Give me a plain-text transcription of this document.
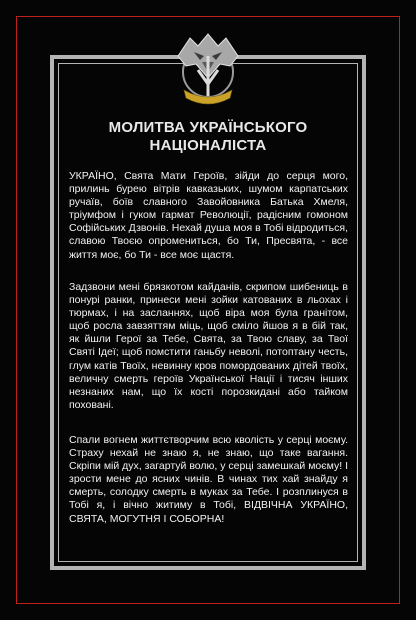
МОЛИТВА УКРАЇНСЬКОГО НАЦІОНАЛІСТА
УКРАЇНО, Свята Мати Героїв, зійди до серця мого, прилинь бурею вітрів кавказьких, шумом карпатських ручаїв, боїв славного Завойовника Батька Хмеля, тріумфом і гуком гармат Революції, радісним гомоном Софійських Дзвонів. Нехай душа моя в Тобі відродиться, славою Твоєю опромениться, бо Ти, Пресвята, - все життя моє, бо Ти - все моє щастя.
Задзвони мені брязкотом кайданів, скрипом шибениць в понурі ранки, принеси мені зойки катованих в льохах і тюрмах, і на засланнях, щоб віра моя була гранітом, щоб росла завзяттям міць, щоб сміло йшов я в бій так, як йшли Герої за Тебе, Свята, за Твою славу, за Твої Святі Ідеї; щоб помстити ганьбу неволі, потоптану честь, глум катів Твоїх, невинну кров помордованих дітей твоїх, величну смерть героїв Української Нації і тисяч інших незнаних нам, що їх кості порозкидані або тайком поховані.
Спали вогнем життєтворчим всю кволість у серці моєму. Страху нехай не знаю я, не знаю, що таке вагання. Скріпи мій дух, загартуй волю, у серці замешкай моєму! І зрости мене до ясних чинів. В чинах тих хай знайду я смерть, солодку смерть в муках за Тебе. І розплинуся в Тобі я, і вічно житиму в Тобі, ВІДВІЧНА УКРАЇНО, СВЯТА, МОГУТНЯ І СОБОРНА!
